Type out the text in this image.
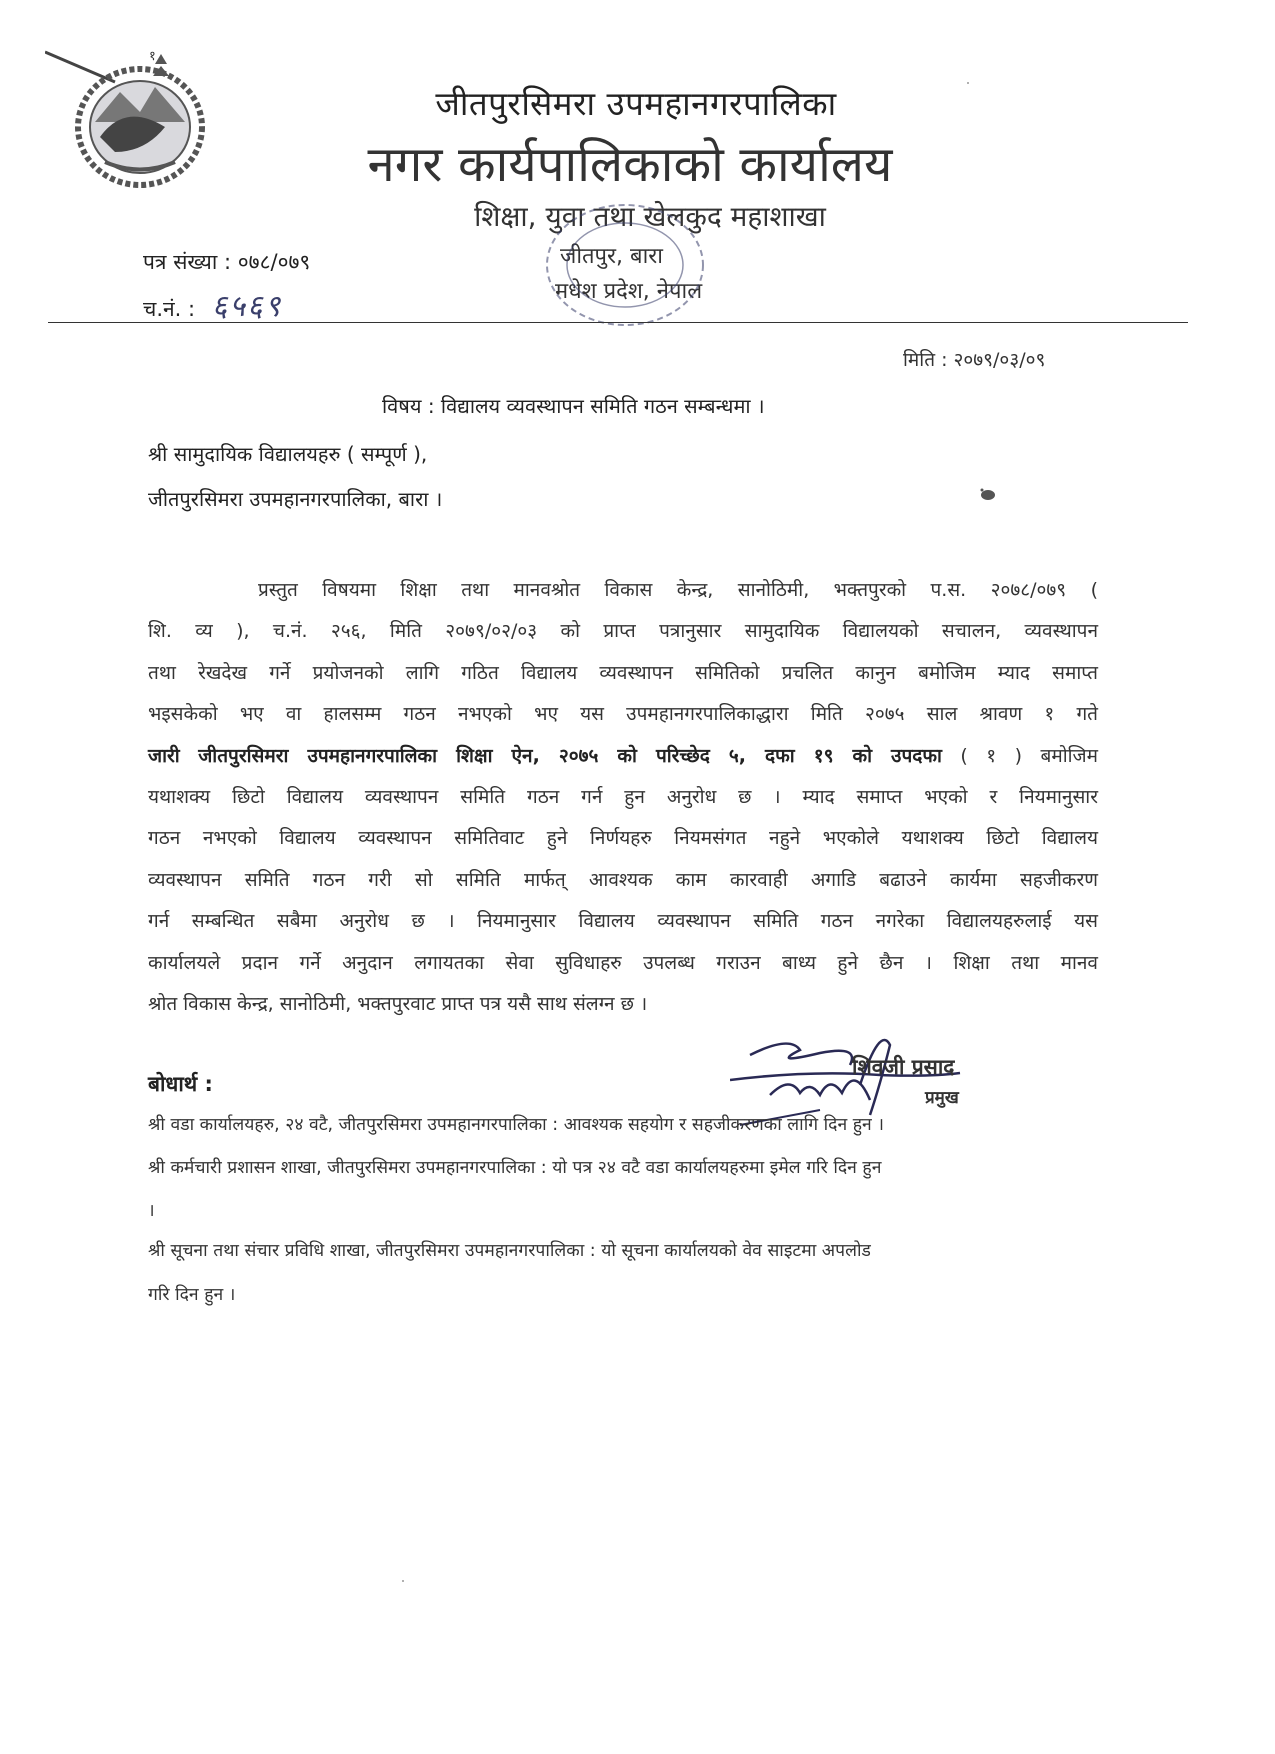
१
जीतपुरसिमरा उपमहानगरपालिका
नगर कार्यपालिकाको कार्यालय
शिक्षा, युवा तथा खेलकुद महाशाखा
जीतपुर, बारा
मधेश प्रदेश, नेपाल
पत्र संख्या : ०७८/०७९
च.नं. : ६५६९
मिति : २०७९/०३/०९
विषय : विद्यालय व्यवस्थापन समिति गठन सम्बन्धमा ।
श्री सामुदायिक विद्यालयहरु ( सम्पूर्ण ),
जीतपुरसिमरा उपमहानगरपालिका, बारा ।
प्रस्तुत विषयमा शिक्षा तथा मानवश्रोत विकास केन्द्र, सानोठिमी, भक्तपुरको प.स. २०७८/०७९ (
शि. व्य ), च.नं. २५६, मिति २०७९/०२/०३ को प्राप्त पत्रानुसार सामुदायिक विद्यालयको सचालन, व्यवस्थापन
तथा रेखदेख गर्ने प्रयोजनको लागि गठित विद्यालय व्यवस्थापन समितिको प्रचलित कानुन बमोजिम म्याद समाप्त
भइसकेको भए वा हालसम्म गठन नभएको भए यस उपमहानगरपालिकाद्धारा मिति २०७५ साल श्रावण १ गते
जारी जीतपुरसिमरा उपमहानगरपालिका शिक्षा ऐन, २०७५ को परिच्छेद ५, दफा १९ को उपदफा ( १ ) बमोजिम
यथाशक्य छिटो विद्यालय व्यवस्थापन समिति गठन गर्न हुन अनुरोध छ । म्याद समाप्त भएको र नियमानुसार
गठन नभएको विद्यालय व्यवस्थापन समितिवाट हुने निर्णयहरु नियमसंगत नहुने भएकोले यथाशक्य छिटो विद्यालय
व्यवस्थापन समिति गठन गरी सो समिति मार्फत् आवश्यक काम कारवाही अगाडि बढाउने कार्यमा सहजीकरण
गर्न सम्बन्धित सबैमा अनुरोध छ । नियमानुसार विद्यालय व्यवस्थापन समिति गठन नगरेका विद्यालयहरुलाई यस
कार्यालयले प्रदान गर्ने अनुदान लगायतका सेवा सुविधाहरु उपलब्ध गराउन बाध्य हुने छैन । शिक्षा तथा मानव
श्रोत विकास केन्द्र, सानोठिमी, भक्तपुरवाट प्राप्त पत्र यसै साथ संलग्न छ ।
शिवजी प्रसाद
प्रमुख
बोधार्थ :
श्री वडा कार्यालयहरु, २४ वटै, जीतपुरसिमरा उपमहानगरपालिका : आवश्यक सहयोग र सहजीकरणका लागि दिन हुन ।
श्री कर्मचारी प्रशासन शाखा, जीतपुरसिमरा उपमहानगरपालिका : यो पत्र २४ वटै वडा कार्यालयहरुमा इमेल गरि दिन हुन
।
श्री सूचना तथा संचार प्रविधि शाखा, जीतपुरसिमरा उपमहानगरपालिका : यो सूचना कार्यालयको वेव साइटमा अपलोड
गरि दिन हुन ।
